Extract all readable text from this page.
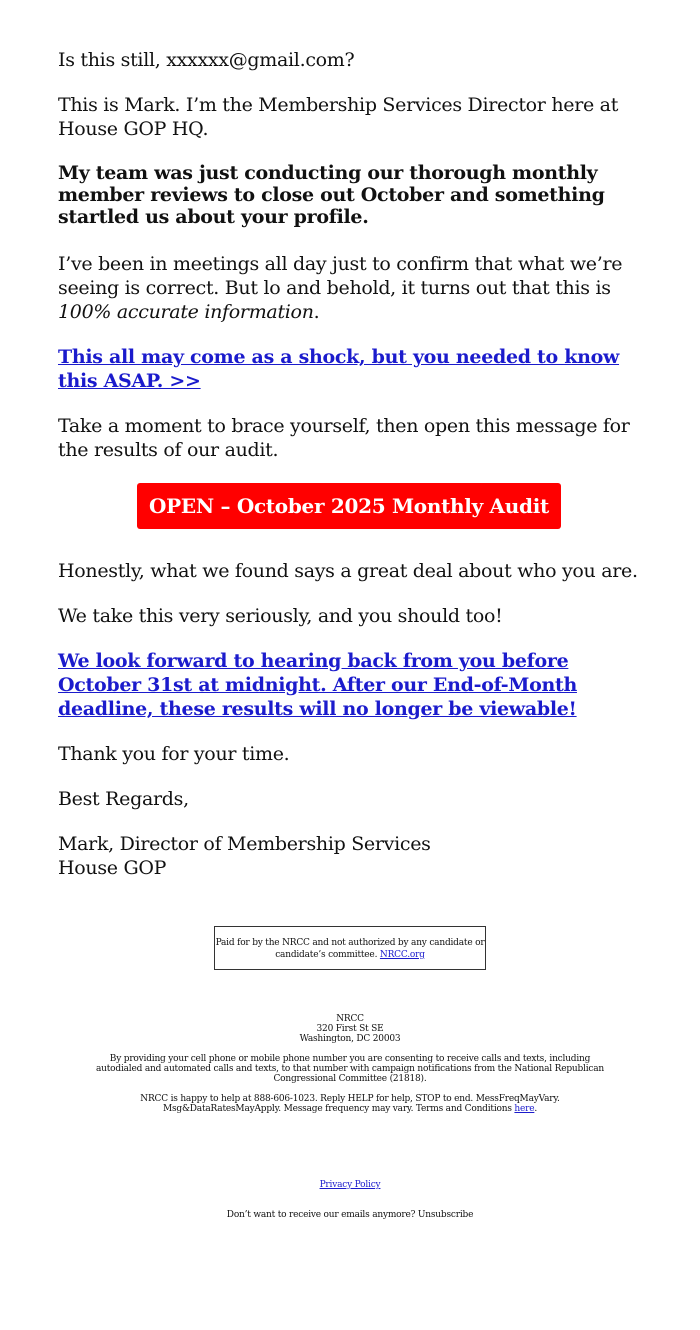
Is this still, xxxxxx@gmail.com?

This is Mark. I’m the Membership Services Director here at House GOP HQ.

My team was just conducting our thorough monthly member reviews to close out October and something startled us about your profile.

I’ve been in meetings all day just to confirm that what we’re seeing is correct. But lo and behold, it turns out that this is 100% accurate information.

This all may come as a shock, but you needed to know this ASAP. >>

Take a moment to brace yourself, then open this message for the results of our audit.

OPEN – October 2025 Monthly Audit

Honestly, what we found says a great deal about who you are.

We take this very seriously, and you should too!

We look forward to hearing back from you before October 31st at midnight. After our End-of-Month deadline, these results will no longer be viewable!

Thank you for your time.

Best Regards,

Mark, Director of Membership Services
House GOP

Paid for by the NRCC and not authorized by any candidate or candidate’s committee. NRCC.org
NRCC
320 First St SE
Washington, DC 20003

By providing your cell phone or mobile phone number you are consenting to receive calls and texts, including autodialed and automated calls and texts, to that number with campaign notifications from the National Republican Congressional Committee (21818).

NRCC is happy to help at 888-606-1023. Reply HELP for help, STOP to end. MessFreqMayVary. Msg&DataRatesMayApply. Message frequency may vary. Terms and Conditions here.

Privacy Policy
Don’t want to receive our emails anymore? Unsubscribe
